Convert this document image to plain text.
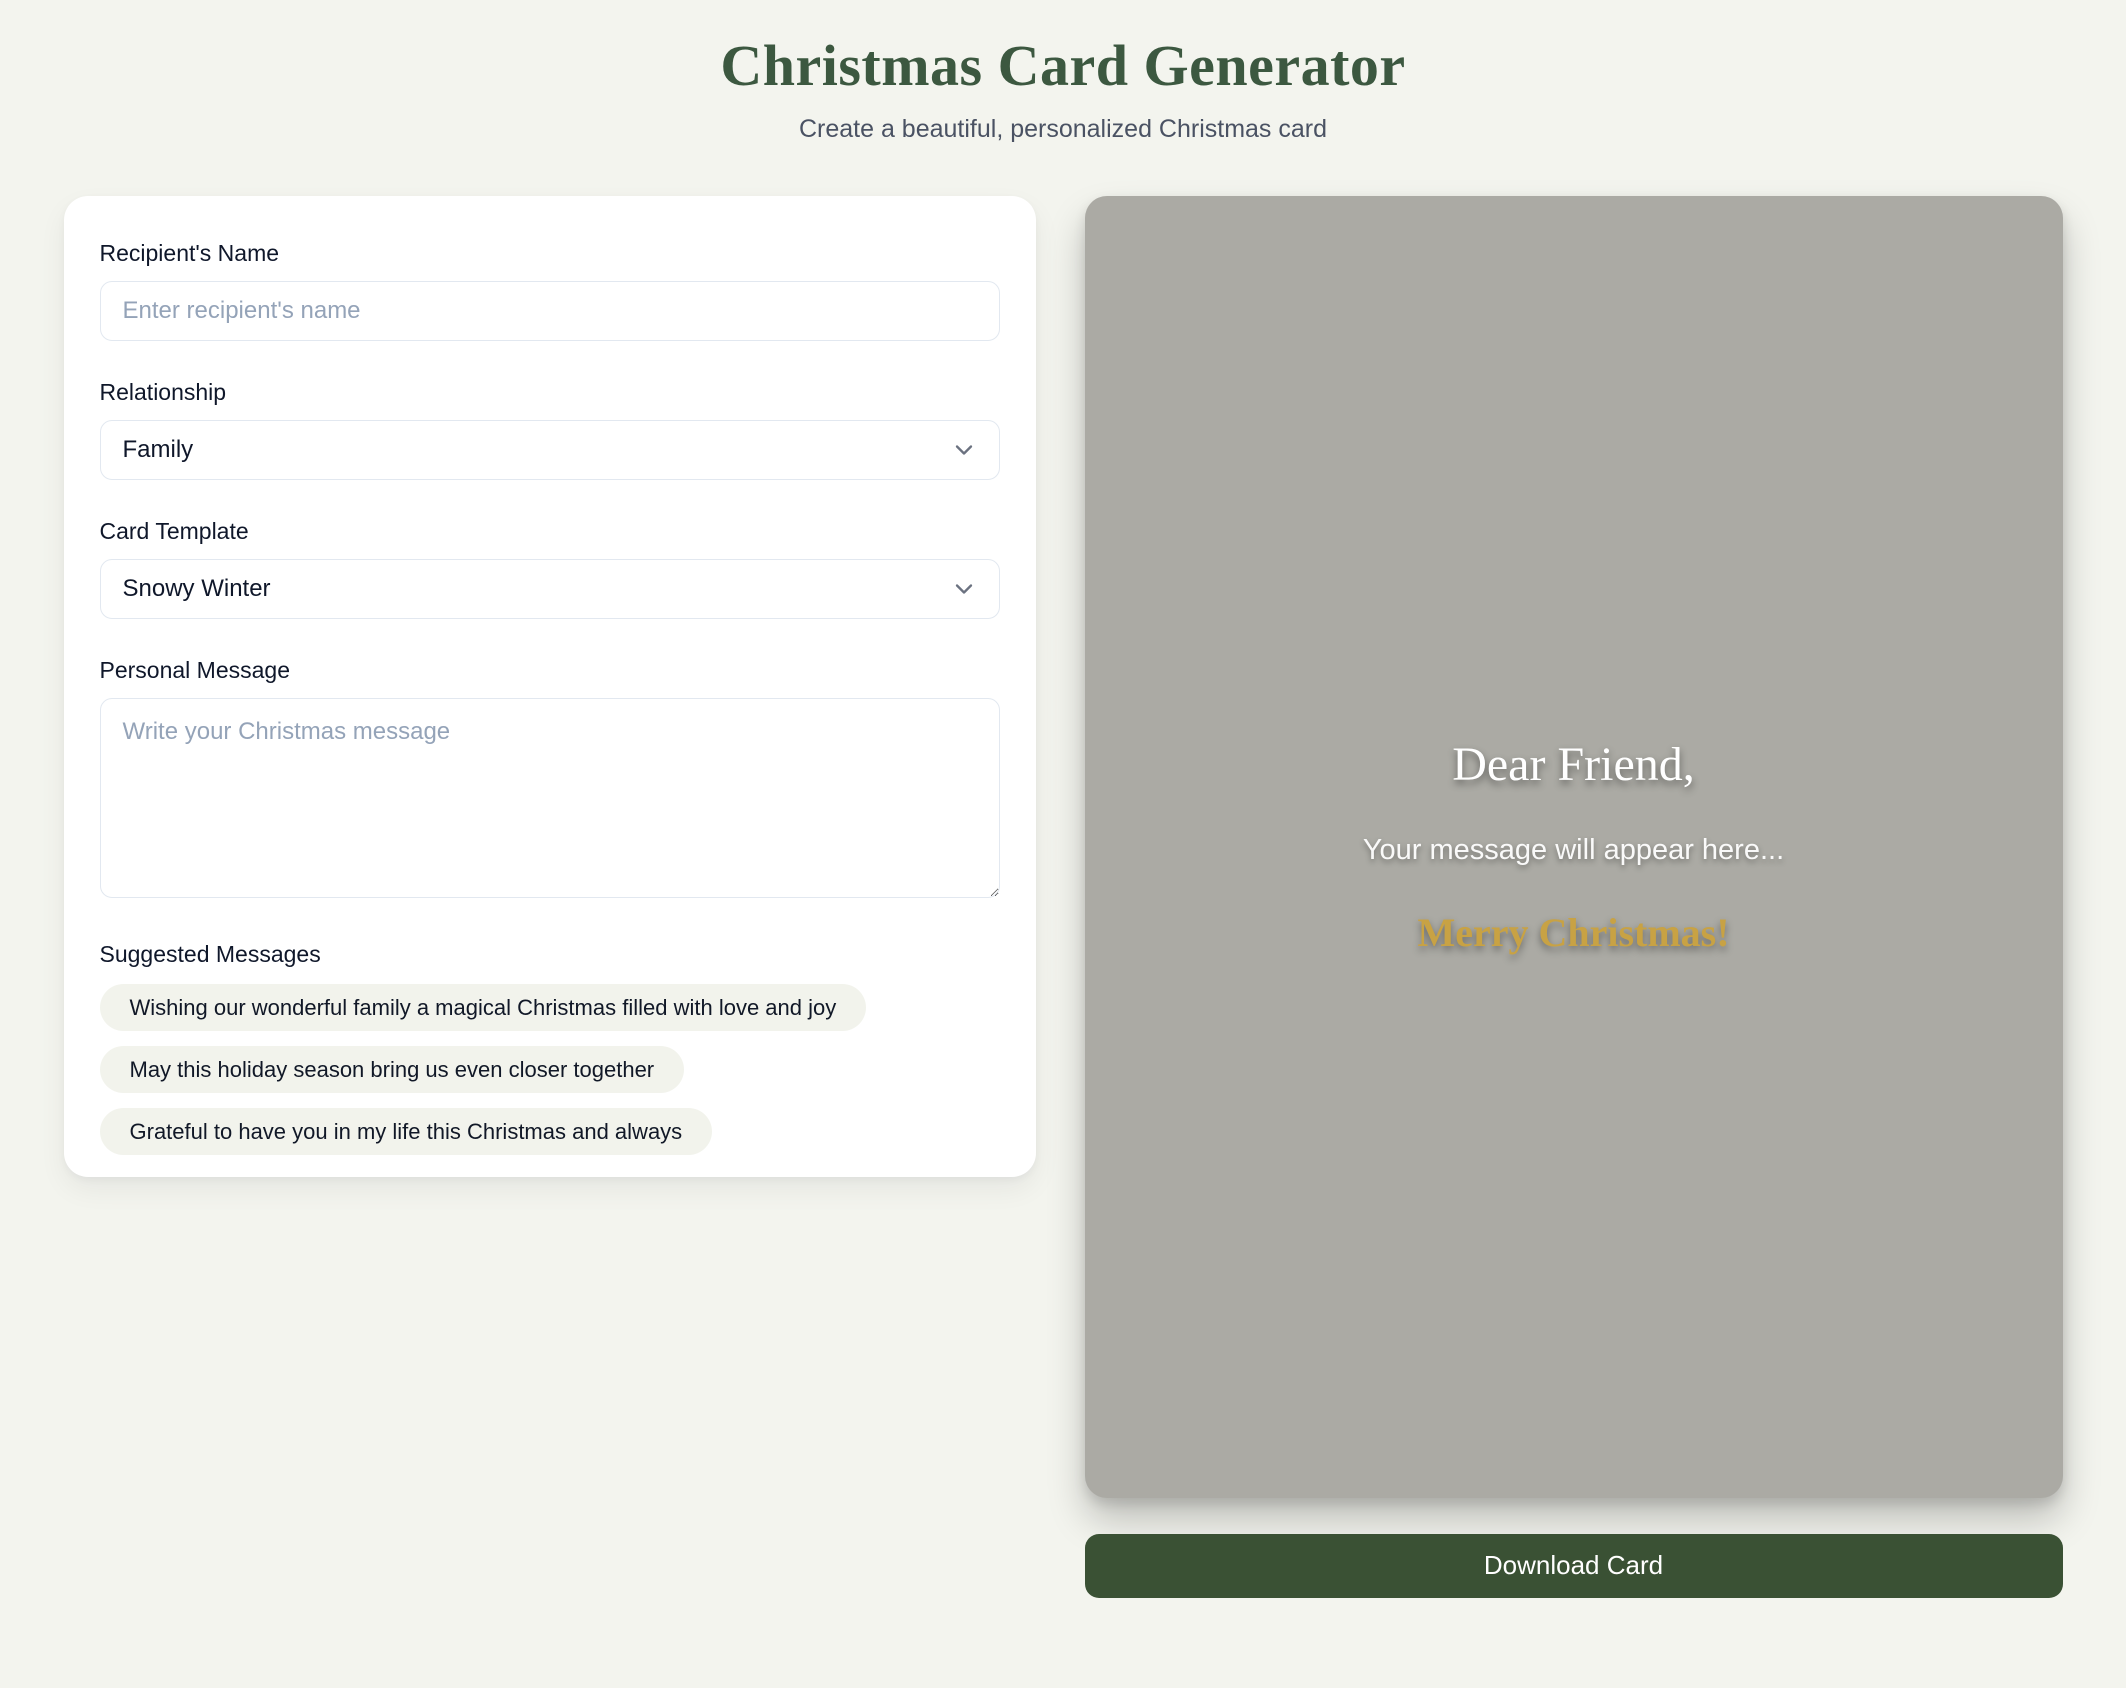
Christmas Card Generator
Create a beautiful, personalized Christmas card
Recipient's Name
Enter recipient's name
Relationship
Family
Card Template
Snowy Winter
Personal Message
Write your Christmas message
Suggested Messages
Wishing our wonderful family a magical Christmas filled with love and joy
May this holiday season bring us even closer together
Grateful to have you in my life this Christmas and always
Dear Friend,
Your message will appear here...
Merry Christmas!
Download Card
